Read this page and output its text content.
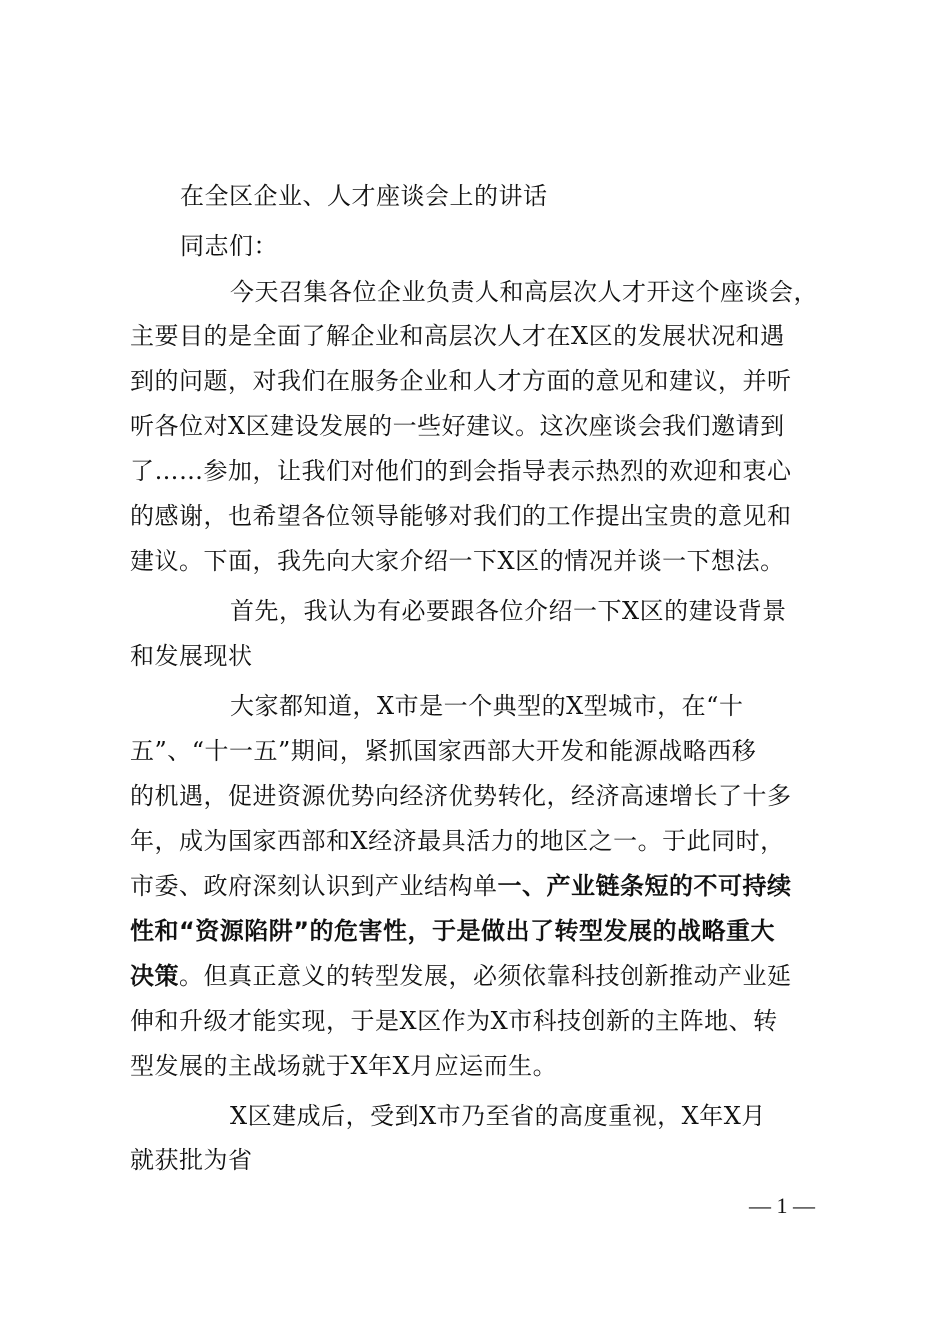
在全区企业、人才座谈会上的讲话
同志们：
今天召集各位企业负责人和高层次人才开这个座谈会，
主要目的是全面了解企业和高层次人才在X区的发展状况和遇
到的问题，对我们在服务企业和人才方面的意见和建议，并听
听各位对X区建设发展的一些好建议。这次座谈会我们邀请到
了……参加，让我们对他们的到会指导表示热烈的欢迎和衷心
的感谢，也希望各位领导能够对我们的工作提出宝贵的意见和
建议。下面，我先向大家介绍一下X区的情况并谈一下想法。
首先，我认为有必要跟各位介绍一下X区的建设背景
和发展现状
大家都知道，X市是一个典型的X型城市，在“十
五”、“十一五”期间，紧抓国家西部大开发和能源战略西移
的机遇，促进资源优势向经济优势转化，经济高速增长了十多
年，成为国家西部和X经济最具活力的地区之一。于此同时，
市委、政府深刻认识到产业结构单一、产业链条短的不可持续
性和“资源陷阱”的危害性，于是做出了转型发展的战略重大
决策。但真正意义的转型发展，必须依靠科技创新推动产业延
伸和升级才能实现，于是X区作为X市科技创新的主阵地、转
型发展的主战场就于X年X月应运而生。
X区建成后，受到X市乃至省的高度重视，X年X月
就获批为省
— 1 —
